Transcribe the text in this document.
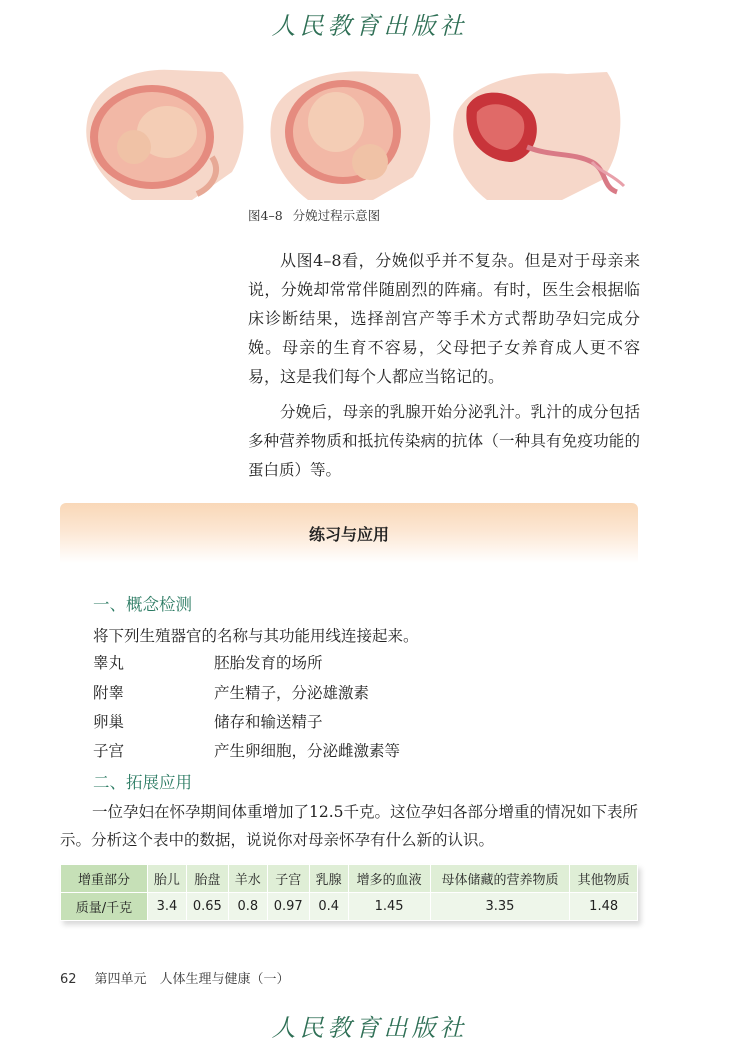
人民教育出版社
图4–8 分娩过程示意图

从图4–8看，分娩似乎并不复杂。但是对于母亲来说，分娩却常常伴随剧烈的阵痛。有时，医生会根据临床诊断结果，选择剖宫产等手术方式帮助孕妇完成分娩。母亲的生育不容易，父母把子女养育成人更不容易，这是我们每个人都应当铭记的。

分娩后，母亲的乳腺开始分泌乳汁。乳汁的成分包括多种营养物质和抵抗传染病的抗体（一种具有免疫功能的蛋白质）等。

练习与应用
一、概念检测
将下列生殖器官的名称与其功能用线连接起来。
睾丸	胚胎发育的场所
附睾	产生精子，分泌雄激素
卵巢	储存和输送精子
子宫	产生卵细胞，分泌雌激素等
二、拓展应用

一位孕妇在怀孕期间体重增加了12.5千克。这位孕妇各部分增重的情况如下表所示。分析这个表中的数据，说说你对母亲怀孕有什么新的认识。

增重部分	胎儿	胎盘	羊水	子宫	乳腺	增多的血液	母体储藏的营养物质	其他物质
质量/千克	3.4	0.65	0.8	0.97	0.4	1.45	3.35	1.48
62 第四单元　人体生理与健康（一）
人民教育出版社
